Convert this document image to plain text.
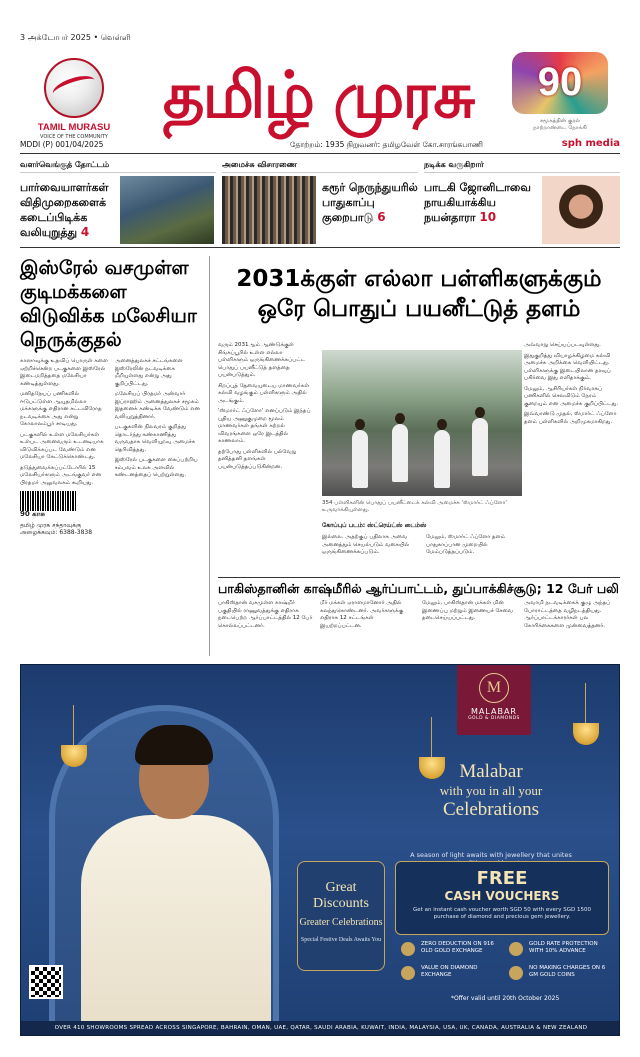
3 அக்டோபர் 2025 • வெள்ளி
TAMIL MURASU
VOICE OF THE COMMUNITY
தமிழ் முரசு	90
சமூகத்தின் குரல்
நாற்றாண்டை நோக்கி
MDDI (P) 001/04/2025	தோற்றம்: 1935 நிறுவனர்: தமிழவேள் கோ.சாரங்கபாணி	sph media
வளர்வெங்குத் தோட்டம்
பார்வையாளர்கள் விதிமுறைகளைக் கடைப்பிடிக்க வலியுறுத்து 4
அமைச்சு விசாரணை
கரூர் நெருந்துயரில் பாதுகாப்பு குறைபாடு 6
நடிக்க வருகிறார்
பாடகி ஜோனிடாவை நாயகியாக்கிய நயன்தாரா 10
இஸ்ரேல் வசமுள்ள குடிமக்களை விடுவிக்க மலேசியா நெருக்குதல்

காஸாவுக்கு உதவிப் பொருள் களை ஏற்றிச்சென்ற படகுகளை இஸ்ரேல் இடைமறித்ததை மலேசியா கண்டித்துள்ளது.

மனிதநேயப் பணிகளில் ஈடுபட்டுள்ள ஆயுதமில்லா மக்களுக்கு எதிரான சட்டவிரோத நடவடிக்கை அது என்று கோலாலம்பூர் சாடியது.

படகுகளில் உள்ள மலேசியர்கள் உள்பட அனைவரும் உடனடியாக விடுவிக்கப்பட வேண்டும் என மலேசியா கேட்டுக்கொண்டது.

தடுத்துவைக்கப்பட்டோரில் 15 மலேசியர்களும் அடங்குவர் என பிரதமர் அலுவலகம் கூறியது.

90 காசு
தமிழ் முரசு சந்தாவுக்கு அழைக்கவும்: 6388-3838

அனைத்துலகச் சட்டங்களை இஸ்ரேலின் நடவடிக்கை மீறியுள்ளது என்று அது குறிப்பிட்டது.

மலேசியப் பிரதமர் அன்வார் இப்ராஹிம் அனைத்துலகச் சமூகம் இதனைக் கண்டிக்க வேண்டும் என வலியுறுத்தினார்.

படகுகளின் நிலவரம் குறித்து தொடர்ந்து கண்காணித்து வருவதாக வெளியுறவு அமைச்சு தெரிவித்தது.

இஸ்ரேல் படகுகளை கைப்பற்றிய சம்பவம் உலக அளவில் கண்டனத்தைப் பெற்றுள்ளது.

2031க்குள் எல்லா பள்ளிகளுக்கும்
ஒரே பொதுப் பயனீட்டுத் தளம்

வரும் 2031ஆம் ஆண்டுக்குள் சிங்கப்பூரில் உள்ள எல்லா பள்ளிகளும் ஒருங்கிணைக்கப்பட்ட பொதுப் பயனீட்டுத் தளத்தை பயன்படுத்தும்.

சிறப்புத் தேவையுடைய மாணவர்கள் கல்வி வழங்கும் பள்ளிகளும் அதில் அடங்கும்.

'ஸ்மார்ட் ஃப்ளோ' எனப்படும் இந்தப் புதிய அணுகுமுறை மூலம் மாணவர்கள் தங்கள் கற்றல் விவரங்களை ஒரே இடத்தில் காணலாம்.

தற்போது பள்ளிகளில் பல்வேறு தனித்தனி தளங்கள் பயன்படுத்தப்படுகின்றன.

354 பள்ளிகளின் பொதுப் பயனீட்டைக் கல்வி அமைச்சு 'ஸ்மார்ட் ஃப்ளோ' உருவாக்கியுள்ளது.
கோப்புப் படம்: ஸ்ட்ரெய்ட்ஸ் டைம்ஸ்

இல்லை. அதற்குப் பதிலாக அவை அனைத்தும் செயல்படும் வகையில் ஒருங்கிணைக்கப்படும்.

மேலும், ஸ்மார்ட் ஃப்ளோ தளம் பாதுகாப்பான முறையில் மேம்படுத்தப்படும்.

அவ்வாறு செய்யப்படவுள்ளது.

இதுகுறித்து வியாழக்கிழமை கல்வி அமைச்சு அறிக்கை வெளியிட்டது. பள்ளிகளுக்கு இடையிலான தரவுப் பகிர்வை இது எளிதாக்கும்.

மேலும், ஆசிரியர்கள் நிர்வாகப் பணிகளில் செலவிடும் நேரம் குறையும் என அமைச்சு குறிப்பிட்டது.

இவ்வாண்டு முதல், ஸ்மார்ட் ஃப்ளோ தளம் பள்ளிகளில் அறிமுகமாகிறது.

பாகிஸ்தானின் காஷ்மீரில் ஆர்ப்பாட்டம், துப்பாக்கிச்சூடு; 12 பேர் பலி
பாகிஸ்தான் வசமுள்ள காஷ்மீர் பகுதியில் ராணுவத்துக்கு எதிராக நடைபெற்ற ஆர்ப்பாட்டத்தில் 12 பேர் கொல்லப்பட்டனர்.
மீர் மக்கள் ஏராளமானோர் அதில் கலந்துகொண்டனர். அவர்களுக்கு எதிராக 12 சட்டங்கள் இயற்றப்பட்டன.
மேலும், பாகிஸ்தான் மக்கள் மின் இணைப்பு மற்றும் இணையச் சேவை தடைசெய்யப்பட்டது.
அவாமி நடவடிக்கைக் குழு அந்தப் போராட்டத்தை வழிநடத்தியது. ஆர்ப்பாட்டக்காரர்கள் பல கோரிக்கைகளை முன்வைத்தனர்.
M
MALABAR
GOLD & DIAMONDS
Malabar
with you in all your
Celebrations
A season of light awaits with jewellery that unites
Great Discounts
Greater Celebrations
Special Festive Deals Awaits You
FREE
CASH VOUCHERS
Get an instant cash voucher worth SGD 50 with every SGD 1500 purchase of diamond and precious gem jewellery.
ZERO DEDUCTION ON 916 OLD GOLD EXCHANGE
GOLD RATE PROTECTION WITH 10% ADVANCE
VALUE ON DIAMOND EXCHANGE
NO MAKING CHARGES ON 6 GM GOLD COINS
*Offer valid until 20th October 2025
OVER 410 SHOWROOMS SPREAD ACROSS SINGAPORE, BAHRAIN, OMAN, UAE, QATAR, SAUDI ARABIA, KUWAIT, INDIA, MALAYSIA, USA, UK, CANADA, AUSTRALIA & NEW ZEALAND
